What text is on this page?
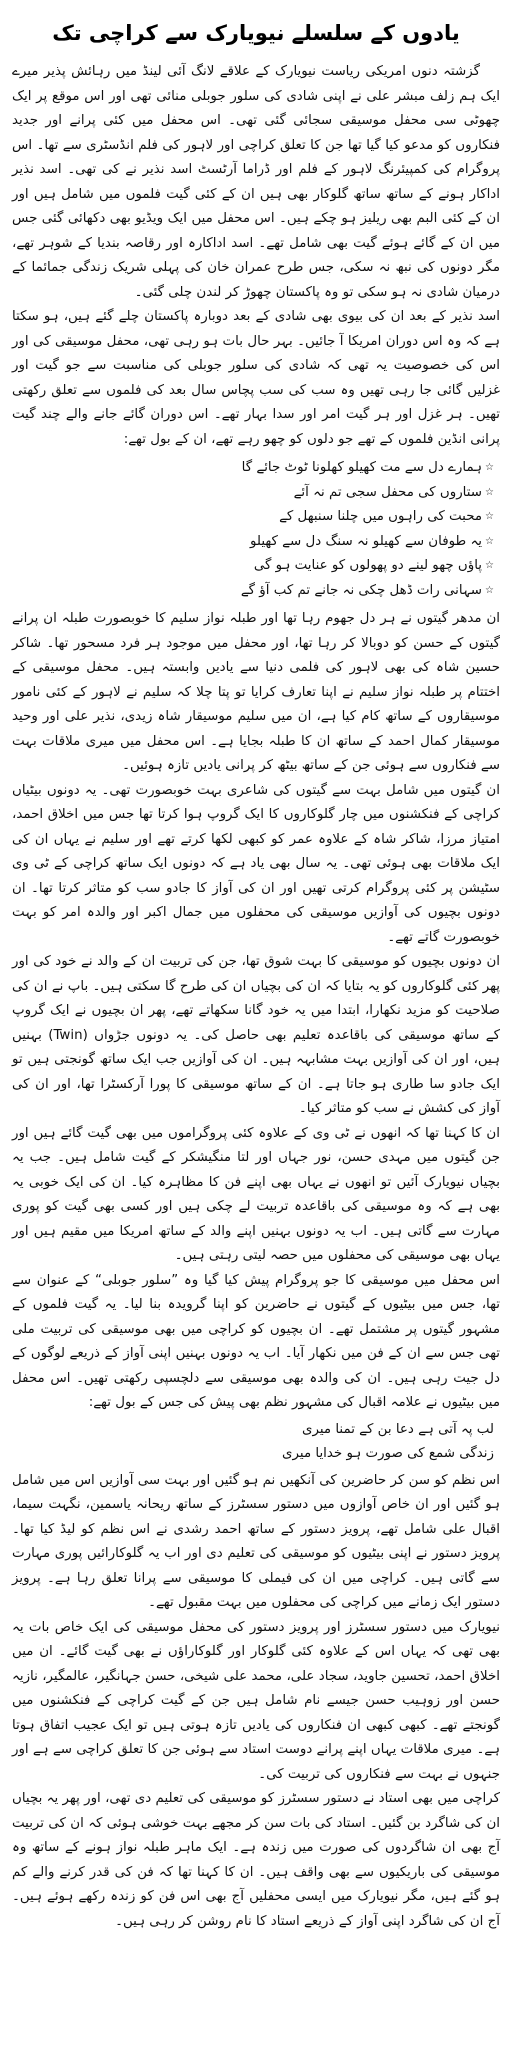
یادوں کے سلسلے نیویارک سے کراچی تک

گزشتہ دنوں امریکی ریاست نیویارک کے علاقے لانگ آئی لینڈ میں رہائش پذیر میرے ایک ہم زلف مبشر علی نے اپنی شادی کی سلور جوبلی منائی تھی اور اس موقع پر ایک چھوٹی سی محفل موسیقی سجائی گئی تھی۔ اس محفل میں کئی پرانے اور جدید فنکاروں کو مدعو کیا گیا تھا جن کا تعلق کراچی اور لاہور کی فلم انڈسٹری سے تھا۔ اس پروگرام کی کمپیئرنگ لاہور کے فلم اور ڈراما آرٹسٹ اسد نذیر نے کی تھی۔ اسد نذیر اداکار ہونے کے ساتھ ساتھ گلوکار بھی ہیں ان کے کئی گیت فلموں میں شامل ہیں اور ان کے کئی البم بھی ریلیز ہو چکے ہیں۔ اس محفل میں ایک ویڈیو بھی دکھائی گئی جس میں ان کے گائے ہوئے گیت بھی شامل تھے۔ اسد اداکارہ اور رقاصہ بندیا کے شوہر تھے، مگر دونوں کی نبھ نہ سکی، جس طرح عمران خان کی پہلی شریک زندگی جمائما کے درمیان شادی نہ ہو سکی تو وہ پاکستان چھوڑ کر لندن چلی گئی۔

اسد نذیر کے بعد ان کی بیوی بھی شادی کے بعد دوبارہ پاکستان چلے گئے ہیں، ہو سکتا ہے کہ وہ اس دوران امریکا آ جائیں۔ بہر حال بات ہو رہی تھی، محفل موسیقی کی اور اس کی خصوصیت یہ تھی کہ شادی کی سلور جوبلی کی مناسبت سے جو گیت اور غزلیں گائی جا رہی تھیں وہ سب کی سب پچاس سال بعد کی فلموں سے تعلق رکھتی تھیں۔ ہر غزل اور ہر گیت امر اور سدا بہار تھے۔ اس دوران گائے جانے والے چند گیت پرانی انڈین فلموں کے تھے جو دلوں کو چھو رہے تھے، ان کے بول تھے:

☆
ہمارے دل سے مت کھیلو کھلونا ٹوٹ جائے گا
☆
ستاروں کی محفل سجی تم نہ آئے
☆
محبت کی راہوں میں چلنا سنبھل کے
☆
یہ طوفان سے کھیلو نہ سنگ دل سے کھیلو
☆
پاؤں چھو لینے دو پھولوں کو عنایت ہو گی
☆
سہانی رات ڈھل چکی نہ جانے تم کب آؤ گے

ان مدھر گیتوں نے ہر دل جھوم رہا تھا اور طبلہ نواز سلیم کا خوبصورت طبلہ ان پرانے گیتوں کے حسن کو دوبالا کر رہا تھا، اور محفل میں موجود ہر فرد مسحور تھا۔ شاکر حسین شاہ کی بھی لاہور کی فلمی دنیا سے یادیں وابستہ ہیں۔ محفل موسیقی کے اختتام پر طبلہ نواز سلیم نے اپنا تعارف کرایا تو پتا چلا کہ سلیم نے لاہور کے کئی نامور موسیقاروں کے ساتھ کام کیا ہے، ان میں سلیم موسیقار شاہ زیدی، نذیر علی اور وحید موسیقار کمال احمد کے ساتھ ان کا طبلہ بجایا ہے۔ اس محفل میں میری ملاقات بہت سے فنکاروں سے ہوئی جن کے ساتھ بیٹھ کر پرانی یادیں تازہ ہوئیں۔

ان گیتوں میں شامل بہت سے گیتوں کی شاعری بہت خوبصورت تھی۔ یہ دونوں بیٹیاں کراچی کے فنکشنوں میں چار گلوکاروں کا ایک گروپ ہوا کرتا تھا جس میں اخلاق احمد، امتیاز مرزا، شاکر شاہ کے علاوہ عمر کو کبھی لکھا کرتے تھے اور سلیم نے یہاں ان کی ایک ملاقات بھی ہوئی تھی۔ یہ سال بھی یاد ہے کہ دونوں ایک ساتھ کراچی کے ٹی وی سٹیشن پر کئی پروگرام کرتی تھیں اور ان کی آواز کا جادو سب کو متاثر کرتا تھا۔ ان دونوں بچیوں کی آوازیں موسیقی کی محفلوں میں جمال اکبر اور والدہ امر کو بہت خوبصورت گاتے تھے۔

ان دونوں بچیوں کو موسیقی کا بہت شوق تھا، جن کی تربیت ان کے والد نے خود کی اور پھر کئی گلوکاروں کو یہ بتایا کہ ان کی بچیاں ان کی طرح گا سکتی ہیں۔ باپ نے ان کی صلاحیت کو مزید نکھارا، ابتدا میں یہ خود گانا سکھاتے تھے، پھر ان بچیوں نے ایک گروپ کے ساتھ موسیقی کی باقاعدہ تعلیم بھی حاصل کی۔ یہ دونوں جڑواں (Twin) بہنیں ہیں، اور ان کی آوازیں بہت مشابہہ ہیں۔ ان کی آوازیں جب ایک ساتھ گونجتی ہیں تو ایک جادو سا طاری ہو جاتا ہے۔ ان کے ساتھ موسیقی کا پورا آرکسٹرا تھا، اور ان کی آواز کی کشش نے سب کو متاثر کیا۔

ان کا کہنا تھا کہ انھوں نے ٹی وی کے علاوہ کئی پروگراموں میں بھی گیت گائے ہیں اور جن گیتوں میں مہدی حسن، نور جہاں اور لتا منگیشکر کے گیت شامل ہیں۔ جب یہ بچیاں نیویارک آئیں تو انھوں نے یہاں بھی اپنے فن کا مظاہرہ کیا۔ ان کی ایک خوبی یہ بھی ہے کہ وہ موسیقی کی باقاعدہ تربیت لے چکی ہیں اور کسی بھی گیت کو پوری مہارت سے گاتی ہیں۔ اب یہ دونوں بہنیں اپنے والد کے ساتھ امریکا میں مقیم ہیں اور یہاں بھی موسیقی کی محفلوں میں حصہ لیتی رہتی ہیں۔

اس محفل میں موسیقی کا جو پروگرام پیش کیا گیا وہ ”سلور جوبلی“ کے عنوان سے تھا، جس میں بیٹیوں کے گیتوں نے حاضرین کو اپنا گرویدہ بنا لیا۔ یہ گیت فلموں کے مشہور گیتوں پر مشتمل تھے۔ ان بچیوں کو کراچی میں بھی موسیقی کی تربیت ملی تھی جس سے ان کے فن میں نکھار آیا۔ اب یہ دونوں بہنیں اپنی آواز کے ذریعے لوگوں کے دل جیت رہی ہیں۔ ان کی والدہ بھی موسیقی سے دلچسپی رکھتی تھیں۔ اس محفل میں بیٹیوں نے علامہ اقبال کی مشہور نظم بھی پیش کی جس کے بول تھے:

لب پہ آتی ہے دعا بن کے تمنا میری
زندگی شمع کی صورت ہو خدایا میری

اس نظم کو سن کر حاضرین کی آنکھیں نم ہو گئیں اور بہت سی آوازیں اس میں شامل ہو گئیں اور ان خاص آوازوں میں دستور سسٹرز کے ساتھ ریحانہ یاسمین، نگہت سیما، اقبال علی شامل تھے، پرویز دستور کے ساتھ احمد رشدی نے اس نظم کو لیڈ کیا تھا۔ پرویز دستور نے اپنی بیٹیوں کو موسیقی کی تعلیم دی اور اب یہ گلوکارائیں پوری مہارت سے گاتی ہیں۔ کراچی میں ان کی فیملی کا موسیقی سے پرانا تعلق رہا ہے۔ پرویز دستور ایک زمانے میں کراچی کی محفلوں میں بہت مقبول تھے۔

نیویارک میں دستور سسٹرز اور پرویز دستور کی محفل موسیقی کی ایک خاص بات یہ بھی تھی کہ یہاں اس کے علاوہ کئی گلوکار اور گلوکاراؤں نے بھی گیت گائے۔ ان میں اخلاق احمد، تحسین جاوید، سجاد علی، محمد علی شیخی، حسن جہانگیر، عالمگیر، نازیہ حسن اور زوہیب حسن جیسے نام شامل ہیں جن کے گیت کراچی کے فنکشنوں میں گونجتے تھے۔ کبھی کبھی ان فنکاروں کی یادیں تازہ ہوتی ہیں تو ایک عجیب اتفاق ہوتا ہے۔ میری ملاقات یہاں اپنے پرانے دوست استاد سے ہوئی جن کا تعلق کراچی سے ہے اور جنہوں نے بہت سے فنکاروں کی تربیت کی۔

کراچی میں بھی استاد نے دستور سسٹرز کو موسیقی کی تعلیم دی تھی، اور پھر یہ بچیاں ان کی شاگرد بن گئیں۔ استاد کی بات سن کر مجھے بہت خوشی ہوئی کہ ان کی تربیت آج بھی ان شاگردوں کی صورت میں زندہ ہے۔ ایک ماہر طبلہ نواز ہونے کے ساتھ وہ موسیقی کی باریکیوں سے بھی واقف ہیں۔ ان کا کہنا تھا کہ فن کی قدر کرنے والے کم ہو گئے ہیں، مگر نیویارک میں ایسی محفلیں آج بھی اس فن کو زندہ رکھے ہوئے ہیں۔ آج ان کی شاگرد اپنی آواز کے ذریعے استاد کا نام روشن کر رہی ہیں۔
